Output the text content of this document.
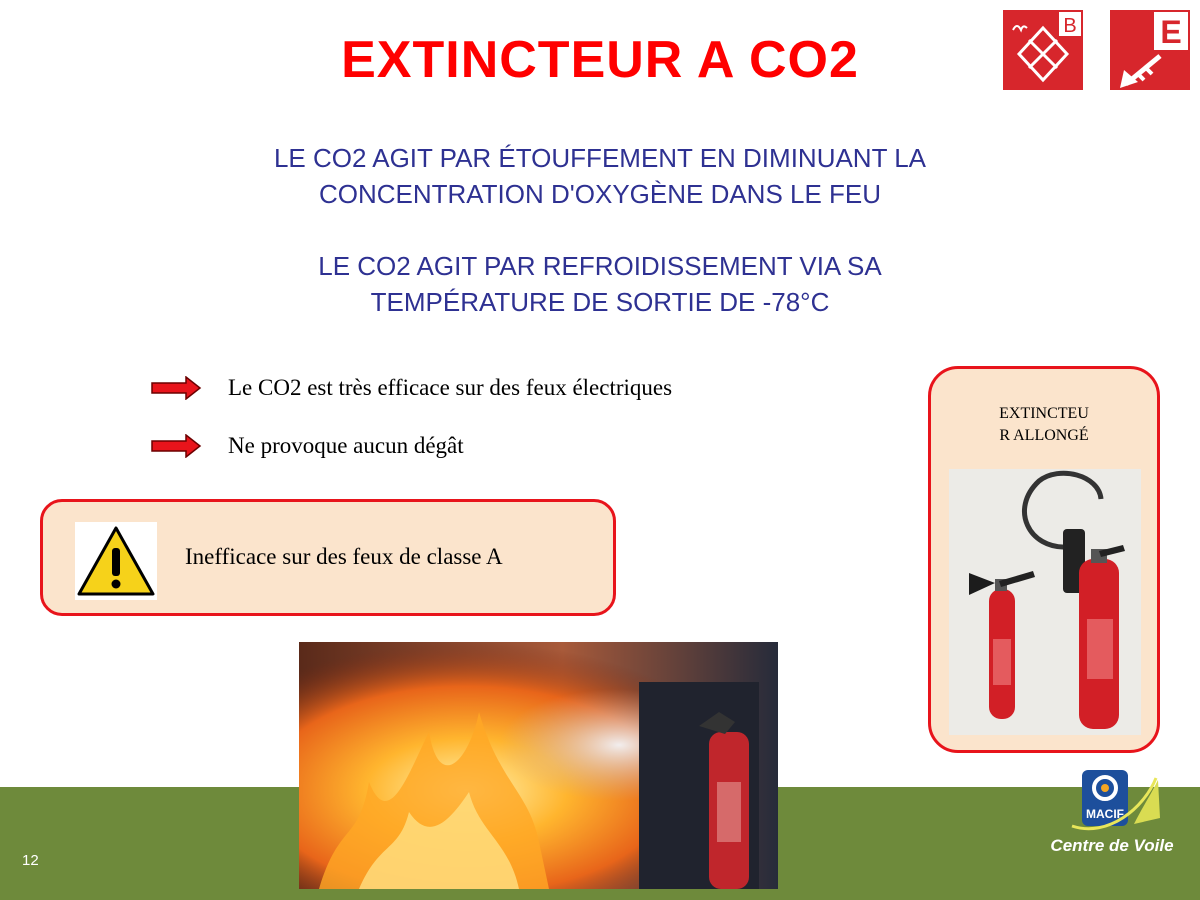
EXTINCTEUR A CO2
B	E
LE CO2 AGIT PAR ÉTOUFFEMENT EN DIMINUANT LA
CONCENTRATION D'OXYGÈNE DANS LE FEU
LE CO2 AGIT PAR REFROIDISSEMENT VIA SA
TEMPÉRATURE DE SORTIE DE -78°C
Le CO2 est très efficace sur des feux électriques
Ne provoque aucun dégât
Inefficace sur des feux de classe A
EXTINCTEU
R ALLONGÉ
12
MACIF
Centre de Voile
